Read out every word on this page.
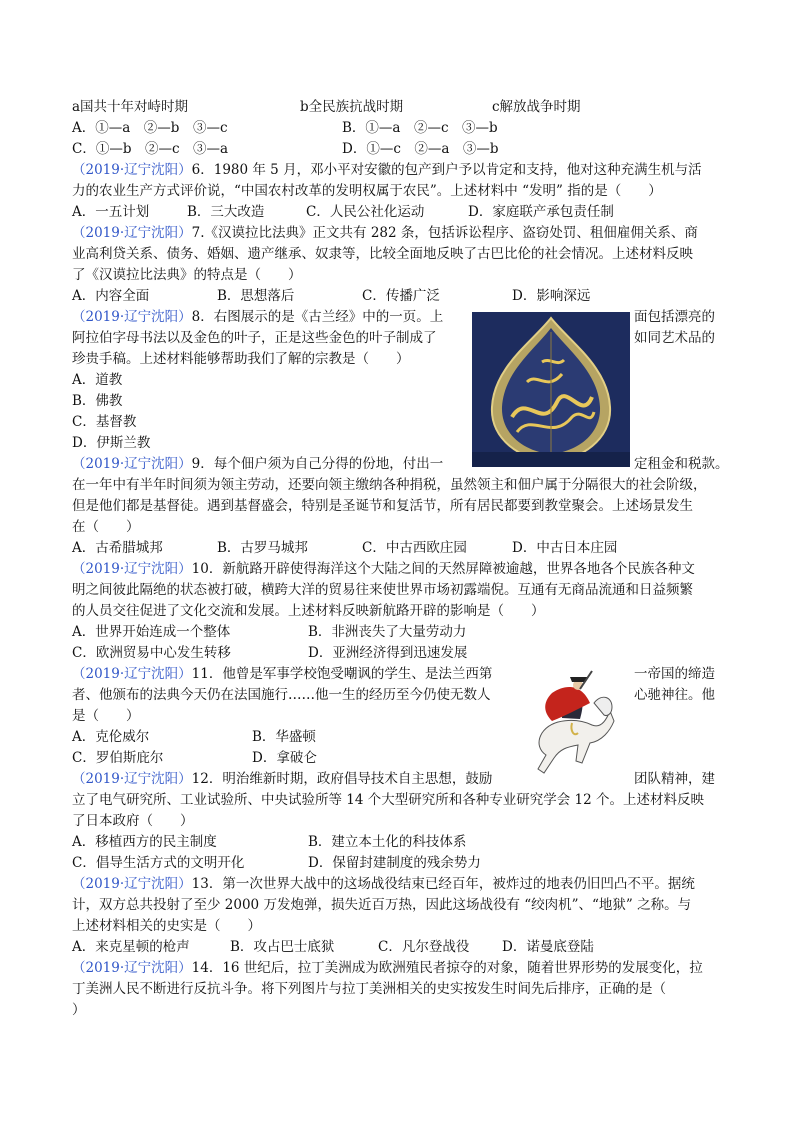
a国共十年对峙时期	b全民族抗战时期	c解放战争时期
A．①—a　②—b　③—c	B．①—a　②—c　③—b
C．①—b　②—c　③—a	D．①—c　②—a　③—b
（2019·辽宁沈阳）6．1980 年 5 月，邓小平对安徽的包产到户予以肯定和支持，他对这种充满生机与活
力的农业生产方式评价说，“中国农村改革的发明权属于农民”。上述材料中 “发明” 指的是（　　）
A．一五计划	B．三大改造	C．人民公社化运动	D．家庭联产承包责任制
（2019·辽宁沈阳）7.《汉谟拉比法典》正文共有 282 条，包括诉讼程序、盗窃处罚、租佃雇佣关系、商
业高利贷关系、债务、婚姻、遗产继承、奴隶等，比较全面地反映了古巴比伦的社会情况。上述材料反映
了《汉谟拉比法典》的特点是（　　）
A．内容全面	B．思想落后	C．传播广泛	D．影响深远
（2019·辽宁沈阳）8．右图展示的是《古兰经》中的一页。上	面包括漂亮的
阿拉伯字母书法以及金色的叶子，正是这些金色的叶子制成了	如同艺术品的
珍贵手稿。上述材料能够帮助我们了解的宗教是（　　）
A．道教
B．佛教
C．基督教
D．伊斯兰教
（2019·辽宁沈阳）9．每个佃户须为自己分得的份地，付出一	定租金和税款。
在一年中有半年时间须为领主劳动，还要向领主缴纳各种捐税，虽然领主和佃户属于分隔很大的社会阶级，
但是他们都是基督徒。遇到基督盛会，特别是圣诞节和复活节，所有居民都要到教堂聚会。上述场景发生
在（　　）
A．古希腊城邦	B．古罗马城邦	C．中古西欧庄园	D．中古日本庄园
（2019·辽宁沈阳）10．新航路开辟使得海洋这个大陆之间的天然屏障被逾越，世界各地各个民族各种文
明之间彼此隔绝的状态被打破，横跨大洋的贸易往来使世界市场初露端倪。互通有无商品流通和日益频繁
的人员交往促进了文化交流和发展。上述材料反映新航路开辟的影响是（　　）
A．世界开始连成一个整体	B．非洲丧失了大量劳动力
C．欧洲贸易中心发生转移	D．亚洲经济得到迅速发展
（2019·辽宁沈阳）11．他曾是军事学校饱受嘲讽的学生、是法兰西第	一帝国的缔造
者、他颁布的法典今天仍在法国施行……他一生的经历至今仍使无数人	心驰神往。他
是（　　）
A．克伦威尔	B．华盛顿
C．罗伯斯庇尔	D．拿破仑
（2019·辽宁沈阳）12．明治维新时期，政府倡导技术自主思想，鼓励	团队精神，建
立了电气研究所、工业试验所、中央试验所等 14 个大型研究所和各种专业研究学会 12 个。上述材料反映
了日本政府（　　）
A．移植西方的民主制度	B．建立本土化的科技体系
C．倡导生活方式的文明开化	D．保留封建制度的残余势力
（2019·辽宁沈阳）13．第一次世界大战中的这场战役结束已经百年，被炸过的地表仍旧凹凸不平。据统
计，双方总共投射了至少 2000 万发炮弹，损失近百万热，因此这场战役有 “绞肉机”、“地狱” 之称。与
上述材料相关的史实是（　　）
A．来克星顿的枪声	B．攻占巴士底狱	C．凡尔登战役 D．诺曼底登陆
（2019·辽宁沈阳）14．16 世纪后，拉丁美洲成为欧洲殖民者掠夺的对象，随着世界形势的发展变化，拉
丁美洲人民不断进行反抗斗争。将下列图片与拉丁美洲相关的史实按发生时间先后排序，正确的是（
）
